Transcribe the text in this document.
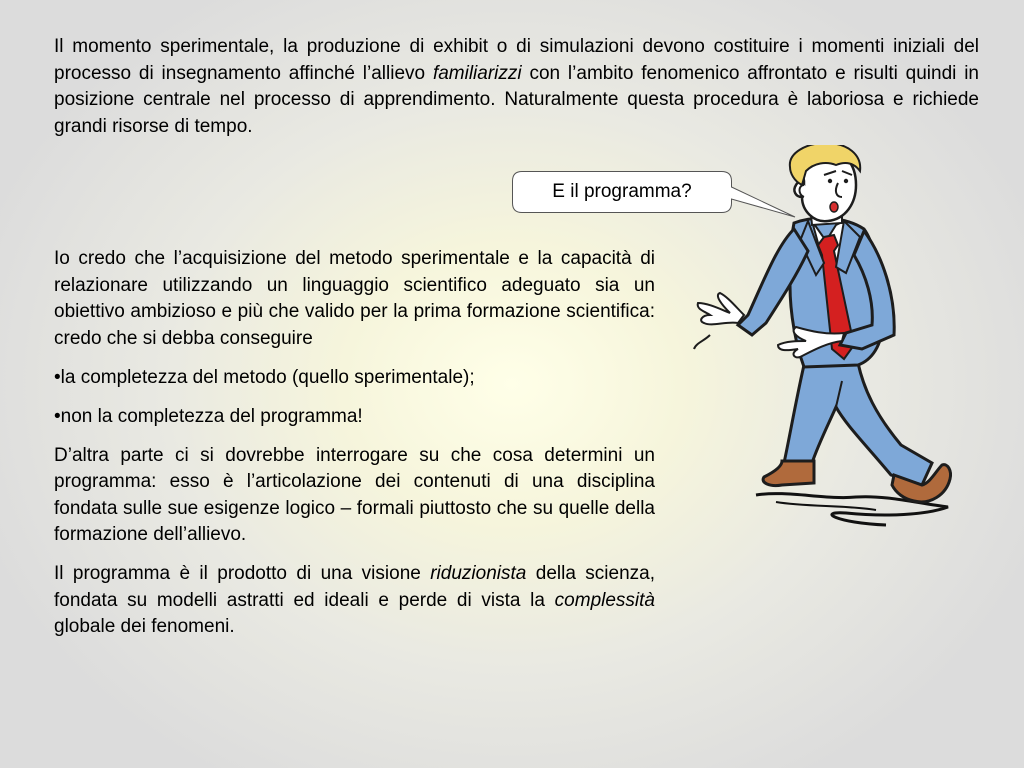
Il momento sperimentale, la produzione di exhibit o di simulazioni devono costituire i momenti iniziali del processo di insegnamento affinché l’allievo familiarizzi con l’ambito fenomenico affrontato e risulti quindi in posizione centrale nel processo di apprendimento. Naturalmente questa procedura è laboriosa e richiede grandi risorse di tempo.

E il programma?

Io credo che l’acquisizione del metodo sperimentale e la capacità di relazionare utilizzando un linguaggio scientifico adeguato sia un obiettivo ambizioso e più che valido per la prima formazione scientifica: credo che si debba conseguire

•la completezza del metodo (quello sperimentale);

•non la completezza del programma!

D’altra parte ci si dovrebbe interrogare su che cosa determini un programma: esso è l’articolazione dei contenuti di una disciplina fondata sulle sue esigenze logico – formali piuttosto che su quelle della formazione dell’allievo.

Il programma è il prodotto di una visione riduzionista della scienza, fondata su modelli astratti ed ideali e perde di vista la complessità globale dei fenomeni.
